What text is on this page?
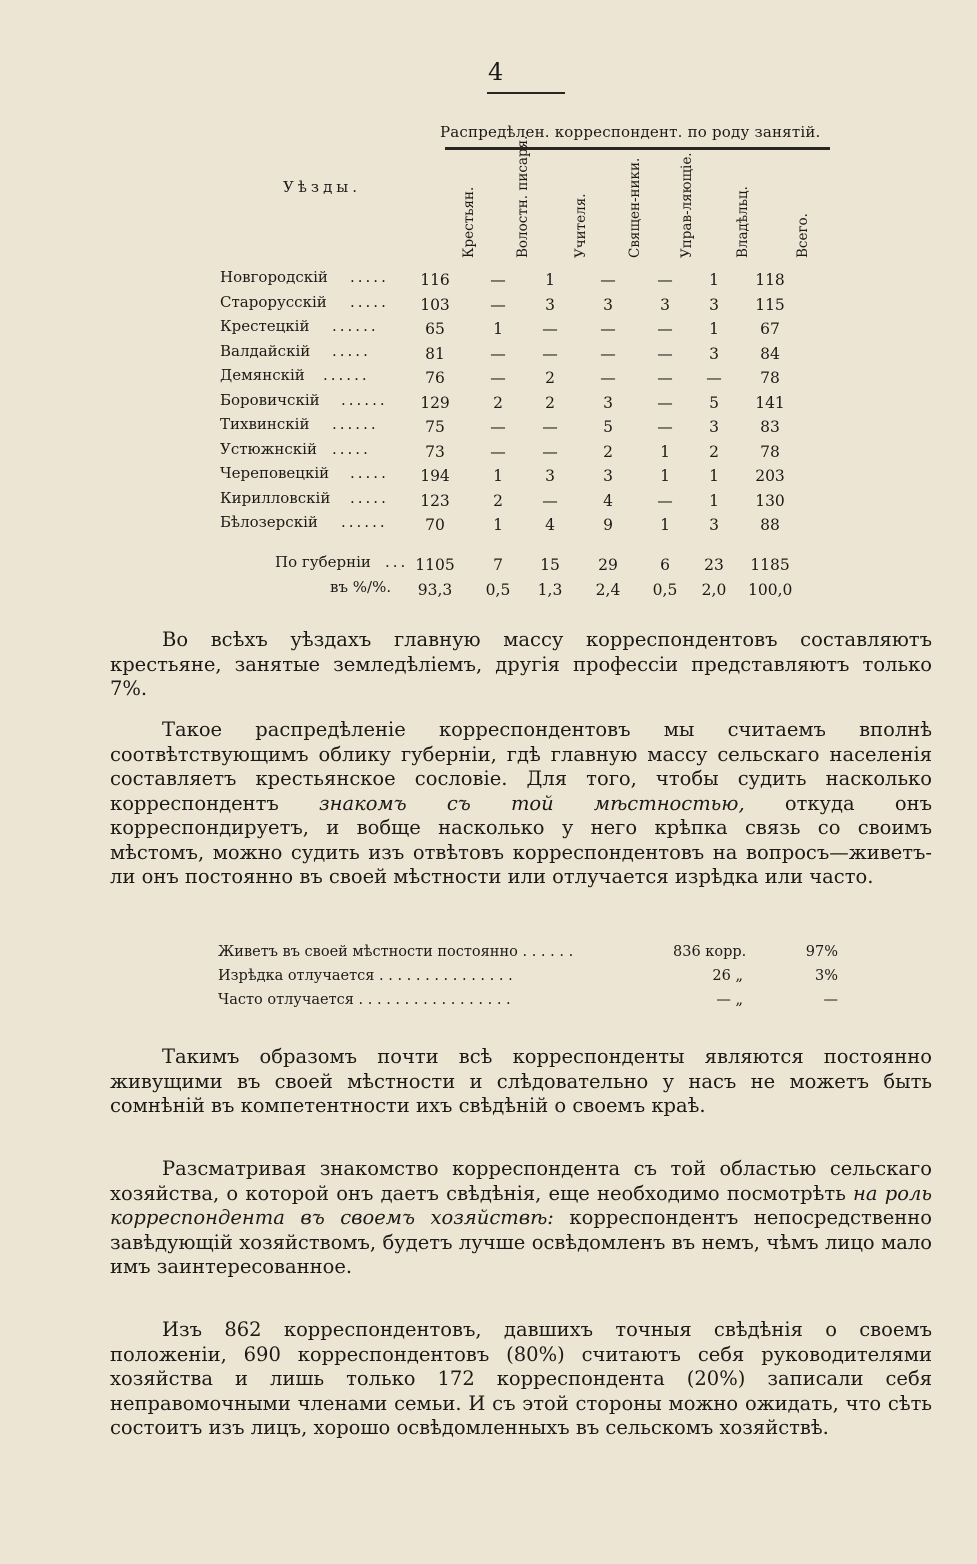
4
Распредѣлен. корреспондент. по роду занятій.
Уѣзды.	Крестьян.	Волостн. писаря.	Учителя.	Священ-ники.	Управ-ляющіе.	Владѣльц.	Всего.
Новгородскій .....	116	—	1	—	—	1	118
Старорусскій .....	103	—	3	3	3	3	115
Крестецкій ......	65	1	—	—	—	1	67
Валдайскій .....	81	—	—	—	—	3	84
Демянскій ......	76	—	2	—	—	—	78
Боровичскій ......	129	2	2	3	—	5	141
Тихвинскій ......	75	—	—	5	—	3	83
Устюжнскій .....	73	—	—	2	1	2	78
Череповецкій .....	194	1	3	3	1	1	203
Кирилловскій .....	123	2	—	4	—	1	130
Бѣлозерскій ......	70	1	4	9	1	3	88
По губерніи ... 1105	7	15	29	6	23	1185
въ %/%.	93,3	0,5	1,3	2,4	0,5	2,0	100,0
Во всѣхъ уѣздахъ главную массу корреспондентовъ составляютъ крестьяне, занятые земледѣліемъ, другія профессіи представляютъ только 7%.
Такое распредѣленіе корреспондентовъ мы считаемъ вполнѣ соотвѣтствующимъ облику губерніи, гдѣ главную массу сельскаго населенія составляетъ крестьянское сословіе. Для того, чтобы судить насколько корреспондентъ знакомъ съ той мѣстностью, откуда онъ корреспондируетъ, и вобще насколько у него крѣпка связь со своимъ мѣстомъ, можно судить изъ отвѣтовъ корреспондентовъ на вопросъ—живетъ-ли онъ постоянно въ своей мѣстности или отлучается изрѣдка или часто.
Живетъ въ своей мѣстности постоянно . . . . . .	836 корр.	97%
Изрѣдка отлучается . . . . . . . . . . . . . . .	26 „	3%
Часто отлучается . . . . . . . . . . . . . . . . .	— „	—
Такимъ образомъ почти всѣ корреспонденты являются постоянно живущими въ своей мѣстности и слѣдовательно у насъ не можетъ быть сомнѣній въ компетентности ихъ свѣдѣній о своемъ краѣ.
Разсматривая знакомство корреспондента съ той областью сельскаго хозяйства, о которой онъ даетъ свѣдѣнія, еще необходимо посмотрѣть на роль корреспондента въ своемъ хозяйствѣ: корреспондентъ непосредственно завѣдующій хозяйствомъ, будетъ лучше освѣдомленъ въ немъ, чѣмъ лицо мало имъ заинтересованное.
Изъ 862 корреспондентовъ, давшихъ точныя свѣдѣнія о своемъ положеніи, 690 корреспондентовъ (80%) считаютъ себя руководителями хозяйства и лишь только 172 корреспондента (20%) записали себя неправомочными членами семьи. И съ этой стороны можно ожидать, что сѣть состоитъ изъ лицъ, хорошо освѣдомленныхъ въ сельскомъ хозяйствѣ.
